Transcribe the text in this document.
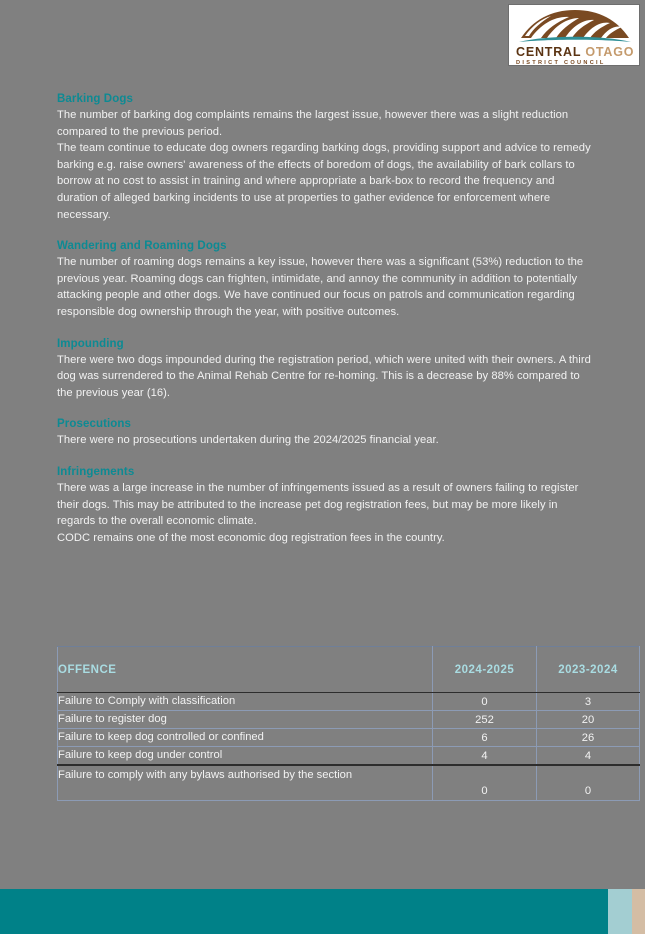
CENTRAL OTAGO
DISTRICT COUNCIL
Barking Dogs

The number of barking dog complaints remains the largest issue, however there was a slight reduction compared to the previous period.

The team continue to educate dog owners regarding barking dogs, providing support and advice to remedy barking e.g. raise owners' awareness of the effects of boredom of dogs, the availability of bark collars to borrow at no cost to assist in training and where appropriate a bark-box to record the frequency and duration of alleged barking incidents to use at properties to gather evidence for enforcement where necessary.

Wandering and Roaming Dogs

The number of roaming dogs remains a key issue, however there was a significant (53%) reduction to the previous year. Roaming dogs can frighten, intimidate, and annoy the community in addition to potentially attacking people and other dogs. We have continued our focus on patrols and communication regarding responsible dog ownership through the year, with positive outcomes.

Impounding

There were two dogs impounded during the registration period, which were united with their owners. A third dog was surrendered to the Animal Rehab Centre for re-homing. This is a decrease by 88% compared to the previous year (16).

Prosecutions

There were no prosecutions undertaken during the 2024/2025 financial year.

Infringements

There was a large increase in the number of infringements issued as a result of owners failing to register their dogs. This may be attributed to the increase pet dog registration fees, but may be more likely in regards to the overall economic climate.

CODC remains one of the most economic dog registration fees in the country.

OFFENCE	2024-2025	2023-2024
Failure to Comply with classification	0	3
Failure to register dog	252	20
Failure to keep dog controlled or confined	6	26
Failure to keep dog under control	4	4
Failure to comply with any bylaws authorised by the section	0	0
